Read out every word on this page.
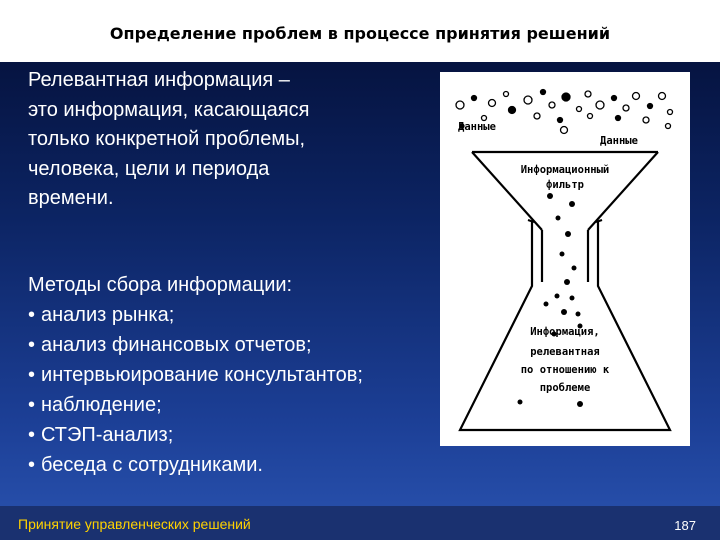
Определение проблем в процессе принятия решений
Релевантная информация –
это информация, касающаяся
только конкретной проблемы,
человека, цели и периода
времени.
Методы сбора информации:
• анализ рынка;
• анализ финансовых отчетов;
• интервьюирование консультантов;
• наблюдение;
• СТЭП-анализ;
• беседа с сотрудниками.
Данные
Данные
Информационный
фильтр
Информация,
релевантная
по отношению к
проблеме
Принятие управленческих решений	187
